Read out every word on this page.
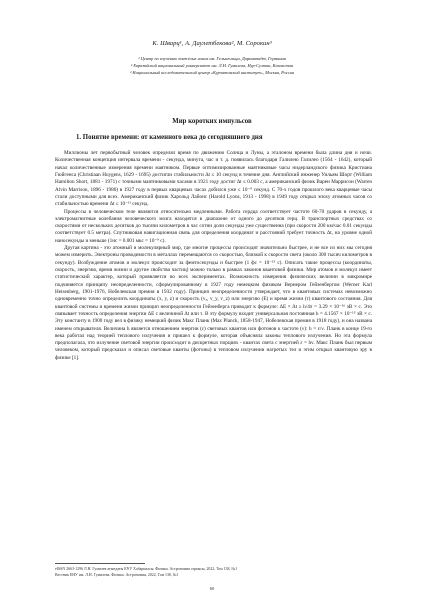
К. Шварц¹, А. Даулетбекова², М. Сорокин³
¹ Центр по изучению тяжёлых ионов им. Гельмгольца, Дармштадт, Германия
² Евразийский национальный университет им. Л.Н. Гумилева, Нур-Султан, Казахстан
³ Национальный исследовательский центр «Курчатовский институт», Москва, Россия
Мир коротких импульсов
1. Понятие времени: от каменного века до сегодняшнего дня

Миллионы лет первобытный человек определял время по движению Солнца и Луны, а эталоном времени была длина дня и ночи. Количественная концепция интервала времени - секунда, минута, час и т. д. появилась благодаря Галилею Галилео (1564 - 1642), который начал количественные измерения времени маятником. Первые оптимизированные маятниковые часы нидерландского физика Кристиана Гюйгенса (Christiaan Huygens, 1629 - 1695) достигли стабильности Δt ≤ 10 секунд в течение дня. Английский инженер Уильям Шорт (William Hamilton Short, 1881 - 1971) с точными маятниковыми часами в 1921 году достиг Δt ≤ 0.003 с, а американский физик Варен Маррисон (Warren Alvin Marrison, 1896 - 1980) в 1927 году в первых кварцевых часах добился уже ≤ 10⁻⁹ секунд. С 70-х годов прошлого века кварцевые часы стали доступными для всех. Американский физик Харольд Лайонс (Harold Lyons, 1913 - 1998) в 1949 году открыл эпоху атомных часов со стабильностью времени Δt ≤ 10⁻¹¹ секунд.

Процессы в человеческом теле являются относительно медленными. Работа сердца соответствует частоте 60-70 ударов в секунду, а электромагнитные колебания человеческого мозга находятся в диапазоне от одного до десятков герц. В транспортных средствах со скоростями от нескольких десятков до тысячи километров в час сотни доли секунды уже существенна (при скорости 200 км/час 0.01 секунды соответствует 0.5 метра). Спутниковая навигационная связь для определения координат и расстояний требует точность Δt, на уровне одной наносекунды и меньше (1нс = 0.001 мкс = 10⁻⁹ с).

Другая картина - это атомный и молекулярный мир, где многие процессы происходят значительно быстрее, и не все из них мы сегодня можем измерить. Электроны проводимости в металлах перемещаются со скоростью, близкой к скорости света (около 300 тысяч километров в секунду). Возбуждение атомов и молекул происходит за фемтосекунды и быстрее (1 фс = 10⁻¹⁵ с). Описать такие процессы (координаты, скорость, энергию, время жизни и другие свойства частиц) можно только в рамках законов квантовой физики. Мир атомов и молекул имеет статистический характер, который проявляется во всех экспериментах. Возможность измерения физических величин в микромире подчиняется принципу неопределенности, сформулированному в 1927 году немецким физиком Вернером Гейзенбергом (Werner Karl Heisenberg, 1901-1976, Нобелевская премия в 1932 году). Принцип неопределенности утверждает, что в квантовых системах невозможно одновременно точно определить координаты (x, y, z) и скорость (vₓ, v_y, v_z) или энергию (E) и время жизни (τ) квантового состояния. Для квантовой системы и времени жизни принцип неопределенности Гейзенберга приводит к формуле: ΔE × Δt ≥ h/4π = 3.29 × 10⁻¹⁶ эВ × с. Это связывает точность определения энергии ΔE с величиной Δt или τ. В эту формулу входит универсальная постоянная h = 4.1567 × 10⁻¹⁵ эВ × с. Эту константу в 1900 году вел в физику немецкий физик Макс Планк (Max Planck, 1858-1947, Нобелевская премия в 1918 году), и она названа именем открывателя. Величина h является отношением энергии (ε) световых квантов или фотонов к частоте (ν): h = ε/ν. Планк в конце 19-го века работал над теорией теплового излучения и пришел к формуле, которая объясняла законы теплового излучения. Но эта формула предполагала, что излучение световой энергии происходит в дискретных порциях - квантах света с энергией ε = hν. Макс Планк был первым человеком, который предсказал и описал световые кванты (фотоны) в тепловом излучении нагретых тел и этим открыл квантовую эру в физике [1].

eISSN 2663-1296 Л.Н. Гумилев атындағы ЕҰУ Хабаршысы. Физика. Астрономия сериясы, 2022, Том 138, №1
Вестник ЕНУ им. Л.Н. Гумилева. Физика. Астрономия, 2022, Том 138, №1
60
